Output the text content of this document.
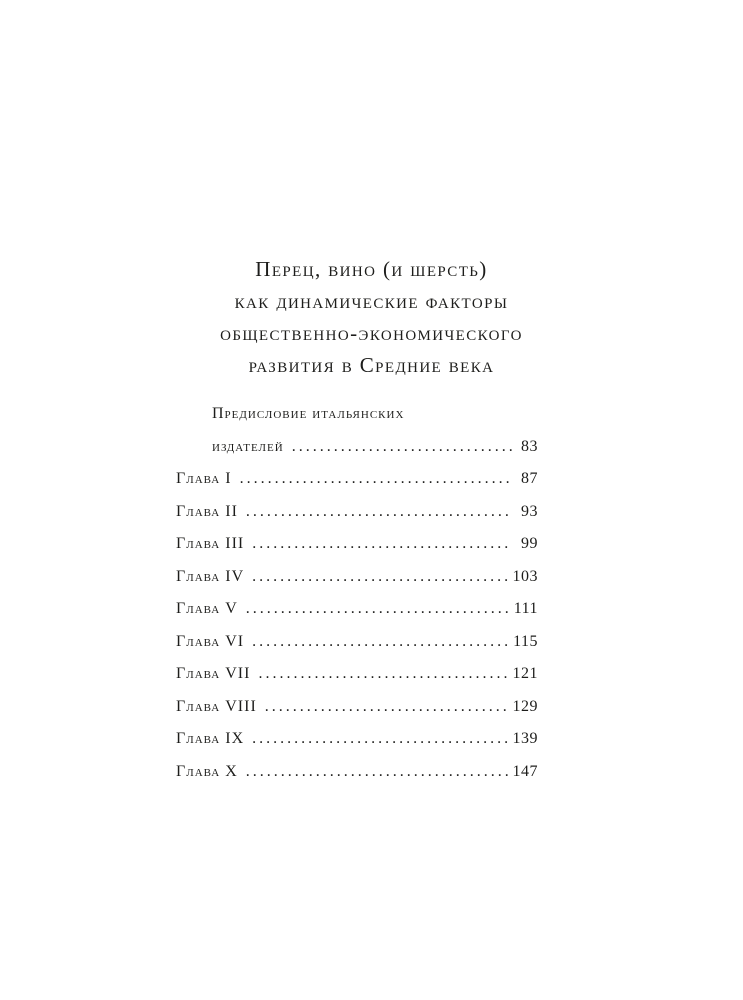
Перец, вино (и шерсть)
как динамические факторы
общественно-экономического
развития в Средние века
Предисловие итальянских
издателей . . .	83
Глава I . . .	87
Глава II . . .	93
Глава III . . .	99
Глава IV . . .	103
Глава V . . .	111
Глава VI . . .	115
Глава VII . . .	121
Глава VIII . . .	129
Глава IX . . .	139
Глава X . . .	147
